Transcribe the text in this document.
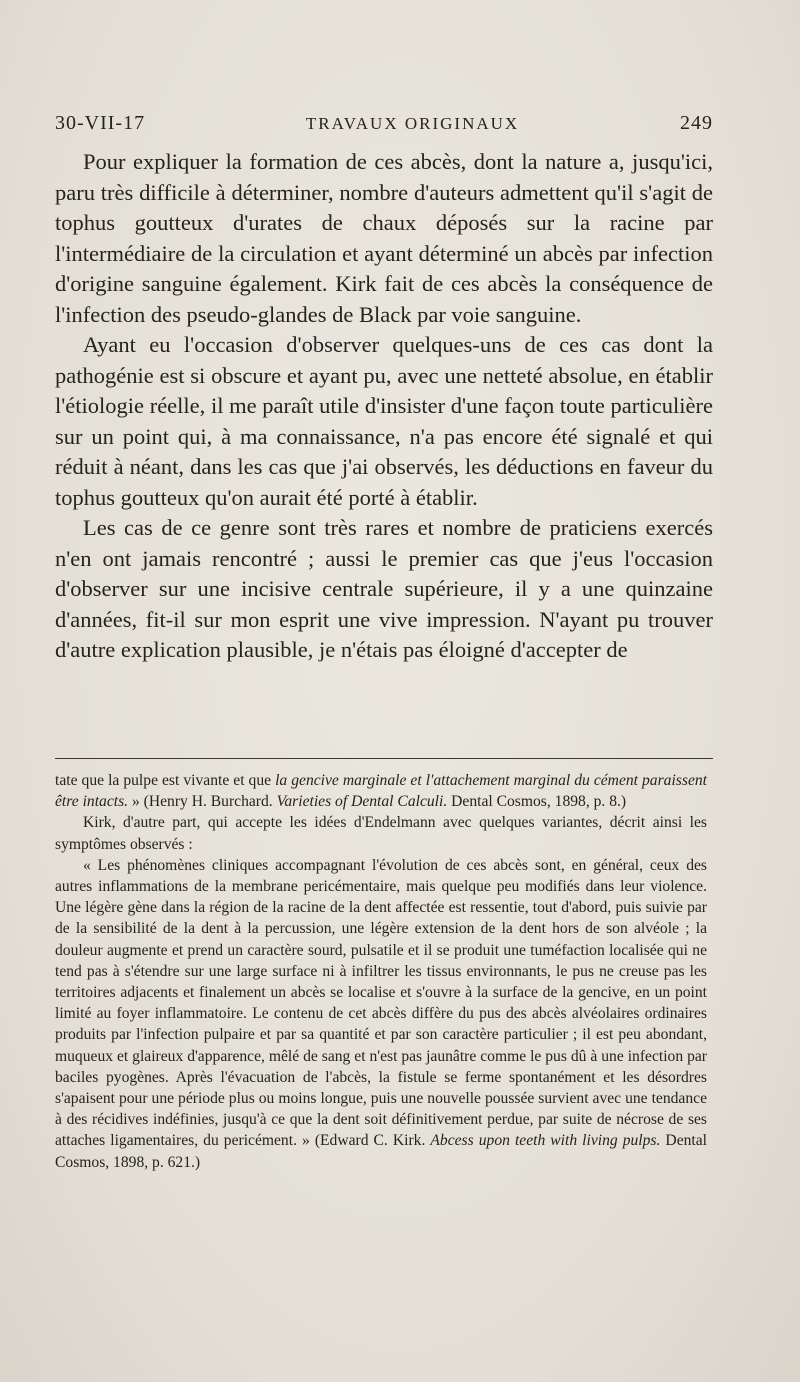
30-VII-17	TRAVAUX ORIGINAUX	249

Pour expliquer la formation de ces abcès, dont la nature a, jusqu'ici, paru très difficile à déterminer, nombre d'auteurs admettent qu'il s'agit de tophus goutteux d'urates de chaux déposés sur la racine par l'intermédiaire de la circulation et ayant déterminé un abcès par infection d'origine sanguine également. Kirk fait de ces abcès la conséquence de l'infection des pseudo-glandes de Black par voie sanguine.

Ayant eu l'occasion d'observer quelques-uns de ces cas dont la pathogénie est si obscure et ayant pu, avec une netteté absolue, en établir l'étiologie réelle, il me paraît utile d'insister d'une façon toute particulière sur un point qui, à ma connaissance, n'a pas encore été signalé et qui réduit à néant, dans les cas que j'ai observés, les déductions en faveur du tophus goutteux qu'on aurait été porté à établir.

Les cas de ce genre sont très rares et nombre de praticiens exercés n'en ont jamais rencontré ; aussi le premier cas que j'eus l'occasion d'observer sur une incisive centrale supérieure, il y a une quinzaine d'années, fit-il sur mon esprit une vive impression. N'ayant pu trouver d'autre explication plausible, je n'étais pas éloigné d'accepter de

tate que la pulpe est vivante et que la gencive marginale et l'attachement marginal du cément paraissent être intacts. » (Henry H. Burchard. Varieties of Dental Calculi. Dental Cosmos, 1898, p. 8.)

Kirk, d'autre part, qui accepte les idées d'Endelmann avec quelques variantes, décrit ainsi les symptômes observés :

« Les phénomènes cliniques accompagnant l'évolution de ces abcès sont, en général, ceux des autres inflammations de la membrane pericémentaire, mais quelque peu modifiés dans leur violence. Une légère gène dans la région de la racine de la dent affectée est ressentie, tout d'abord, puis suivie par de la sensibilité de la dent à la percussion, une légère extension de la dent hors de son alvéole ; la douleur augmente et prend un caractère sourd, pulsatile et il se produit une tuméfaction localisée qui ne tend pas à s'étendre sur une large surface ni à infiltrer les tissus environnants, le pus ne creuse pas les territoires adjacents et finalement un abcès se localise et s'ouvre à la surface de la gencive, en un point limité au foyer inflammatoire. Le contenu de cet abcès diffère du pus des abcès alvéolaires ordinaires produits par l'infection pulpaire et par sa quantité et par son caractère particulier ; il est peu abondant, muqueux et glaireux d'apparence, mêlé de sang et n'est pas jaunâtre comme le pus dû à une infection par baciles pyogènes. Après l'évacuation de l'abcès, la fistule se ferme spontanément et les désordres s'apaisent pour une période plus ou moins longue, puis une nouvelle poussée survient avec une tendance à des récidives indéfinies, jusqu'à ce que la dent soit définitivement perdue, par suite de nécrose de ses attaches ligamentaires, du pericément. » (Edward C. Kirk. Abcess upon teeth with living pulps. Dental Cosmos, 1898, p. 621.)
